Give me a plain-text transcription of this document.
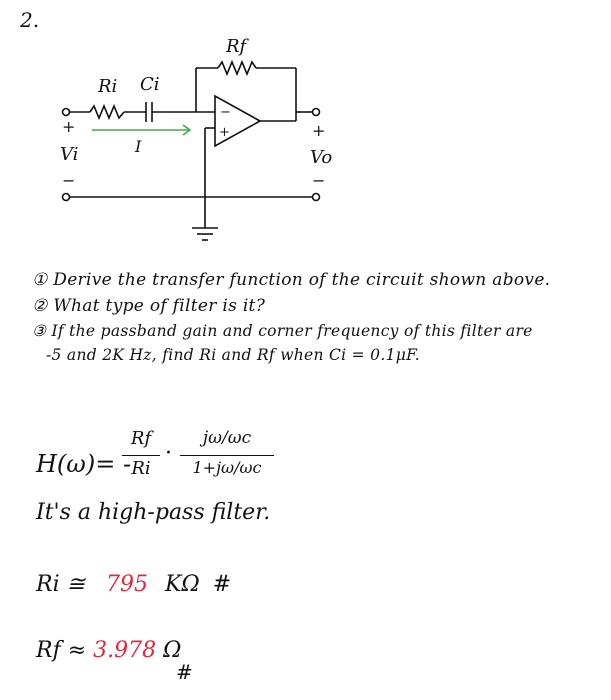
2.
Rf
Ri Ci
I
−
+
+
Vi
−
+
Vo
−
① Derive the transfer function of the circuit shown above.
② What type of filter is it?
③ If the passband gain and corner frequency of this filter are
-5 and 2K Hz, find Ri and Rf when Ci = 0.1μF.
H(ω)= -
Rf
Ri
·
jω/ωc
1+jω/ωc
It's a high-pass filter.
Ri ≅ 795 KΩ #
Rf ≈ 3.978 Ω
#
